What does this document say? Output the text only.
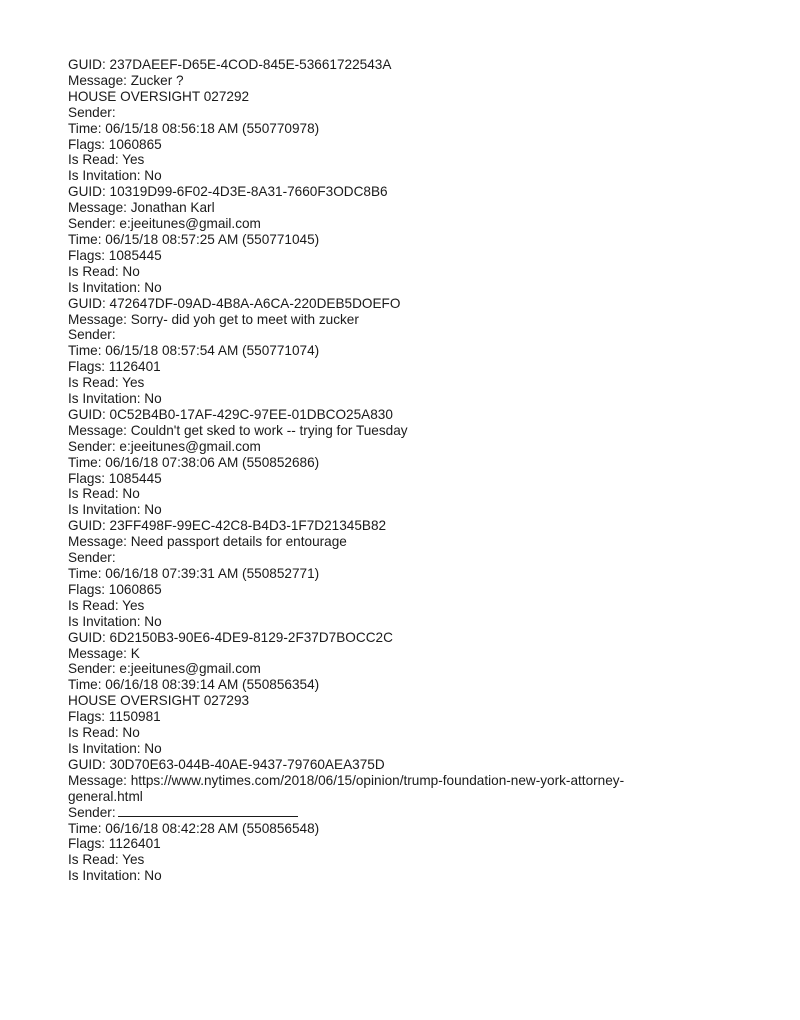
GUID: 237DAEEF-D65E-4COD-845E-53661722543A
Message: Zucker ?
HOUSE OVERSIGHT 027292
Sender:
Time: 06/15/18 08:56:18 AM (550770978)
Flags: 1060865
Is Read: Yes
Is Invitation: No
GUID: 10319D99-6F02-4D3E-8A31-7660F3ODC8B6
Message: Jonathan Karl
Sender: e:jeeitunes@gmail.com
Time: 06/15/18 08:57:25 AM (550771045)
Flags: 1085445
Is Read: No
Is Invitation: No
GUID: 472647DF-09AD-4B8A-A6CA-220DEB5DOEFO
Message: Sorry- did yoh get to meet with zucker
Sender:
Time: 06/15/18 08:57:54 AM (550771074)
Flags: 1126401
Is Read: Yes
Is Invitation: No
GUID: 0C52B4B0-17AF-429C-97EE-01DBCO25A830
Message: Couldn't get sked to work -- trying for Tuesday
Sender: e:jeeitunes@gmail.com
Time: 06/16/18 07:38:06 AM (550852686)
Flags: 1085445
Is Read: No
Is Invitation: No
GUID: 23FF498F-99EC-42C8-B4D3-1F7D21345B82
Message: Need passport details for entourage
Sender:
Time: 06/16/18 07:39:31 AM (550852771)
Flags: 1060865
Is Read: Yes
Is Invitation: No
GUID: 6D2150B3-90E6-4DE9-8129-2F37D7BOCC2C
Message: K
Sender: e:jeeitunes@gmail.com
Time: 06/16/18 08:39:14 AM (550856354)
HOUSE OVERSIGHT 027293
Flags: 1150981
Is Read: No
Is Invitation: No
GUID: 30D70E63-044B-40AE-9437-79760AEA375D
Message: https://www.nytimes.com/2018/06/15/opinion/trump-foundation-new-york-attorney-
general.html
Sender:
Time: 06/16/18 08:42:28 AM (550856548)
Flags: 1126401
Is Read: Yes
Is Invitation: No
